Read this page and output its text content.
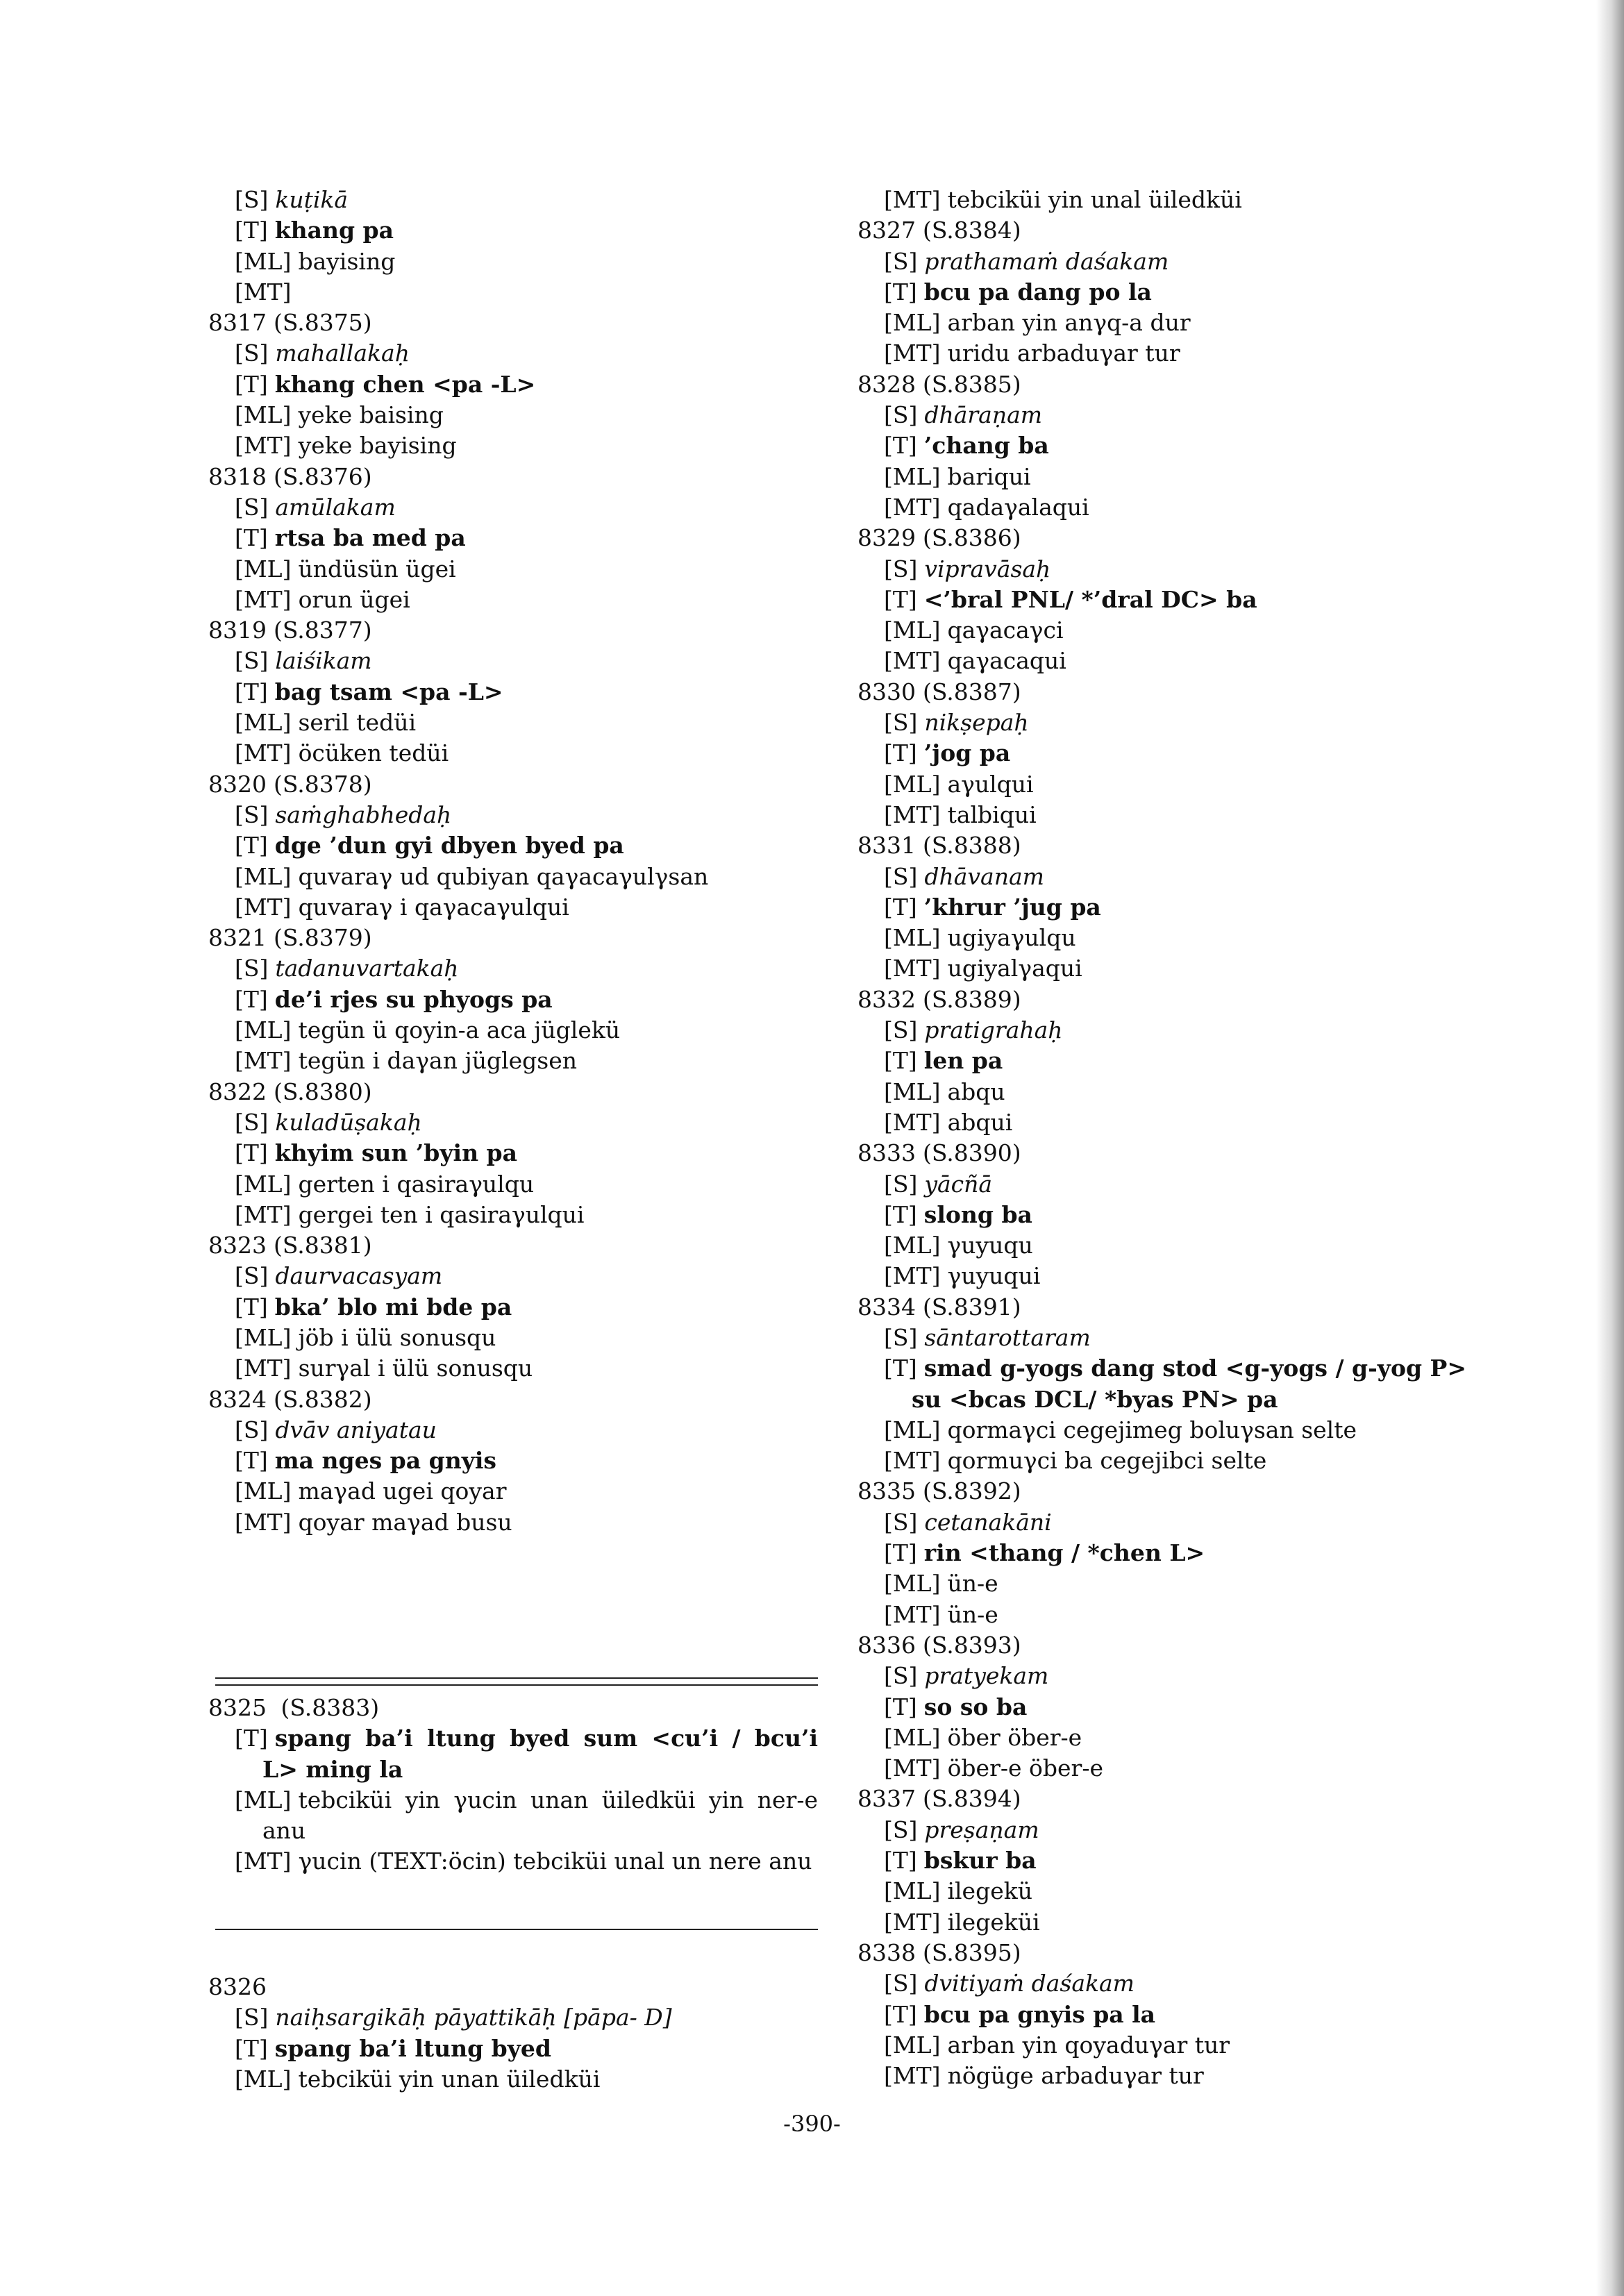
[S] kuṭikā
[T] khang pa
[ML] bayising
[MT]
8317 (S.8375)
[S] mahallakaḥ
[T] khang chen <pa -L>
[ML] yeke baising
[MT] yeke bayising
8318 (S.8376)
[S] amūlakam
[T] rtsa ba med pa
[ML] ündüsün ügei
[MT] orun ügei
8319 (S.8377)
[S] laiśikam
[T] bag tsam <pa -L>
[ML] seril tedüi
[MT] öcüken tedüi
8320 (S.8378)
[S] saṁghabhedaḥ
[T] dge ’dun gyi dbyen byed pa
[ML] quvaraγ ud qubiyan qaγacaγulγsan
[MT] quvaraγ i qaγacaγulqui
8321 (S.8379)
[S] tadanuvartakaḥ
[T] de’i rjes su phyogs pa
[ML] tegün ü qoyin-a aca jüglekü
[MT] tegün i daγan jüglegsen
8322 (S.8380)
[S] kuladūṣakaḥ
[T] khyim sun ’byin pa
[ML] gerten i qasiraγulqu
[MT] gergei ten i qasiraγulqui
8323 (S.8381)
[S] daurvacasyam
[T] bka’ blo mi bde pa
[ML] jöb i ülü sonusqu
[MT] surγal i ülü sonusqu
8324 (S.8382)
[S] dvāv aniyatau
[T] ma nges pa gnyis
[ML] maγad ugei qoyar
[MT] qoyar maγad busu
8325 (S.8383)
[T] spang ba’i ltung byed sum <cu’i / bcu’i L> ming la
[ML] tebciküi yin γucin unan üiledküi yin ner-e anu
[MT] γucin (TEXT:öcin) tebciküi unal un nere anu
8326
[S] naiḥsargikāḥ pāyattikāḥ [pāpa- D]
[T] spang ba’i ltung byed
[ML] tebciküi yin unan üiledküi
[MT] tebciküi yin unal üiledküi
8327 (S.8384)
[S] prathamaṁ daśakam
[T] bcu pa dang po la
[ML] arban yin anγq-a dur
[MT] uridu arbaduγar tur
8328 (S.8385)
[S] dhāraṇam
[T] ’chang ba
[ML] bariqui
[MT] qadaγalaqui
8329 (S.8386)
[S] vipravāsaḥ
[T] <’bral PNL/ *’dral DC> ba
[ML] qaγacaγci
[MT] qaγacaqui
8330 (S.8387)
[S] nikṣepaḥ
[T] ’jog pa
[ML] aγulqui
[MT] talbiqui
8331 (S.8388)
[S] dhāvanam
[T] ’khrur ’jug pa
[ML] ugiyaγulqu
[MT] ugiyalγaqui
8332 (S.8389)
[S] pratigrahaḥ
[T] len pa
[ML] abqu
[MT] abqui
8333 (S.8390)
[S] yācñā
[T] slong ba
[ML] γuyuqu
[MT] γuyuqui
8334 (S.8391)
[S] sāntarottaram
[T] smad g-yogs dang stod <g-yogs / g-yog P>
su <bcas DCL/ *byas PN> pa
[ML] qormaγci cegejimeg boluγsan selte
[MT] qormuγci ba cegejibci selte
8335 (S.8392)
[S] cetanakāni
[T] rin <thang / *chen L>
[ML] ün-e
[MT] ün-e
8336 (S.8393)
[S] pratyekam
[T] so so ba
[ML] öber öber-e
[MT] öber-e öber-e
8337 (S.8394)
[S] preṣaṇam
[T] bskur ba
[ML] ilegekü
[MT] ilegeküi
8338 (S.8395)
[S] dvitiyaṁ daśakam
[T] bcu pa gnyis pa la
[ML] arban yin qoyaduγar tur
[MT] nögüge arbaduγar tur
-390-
